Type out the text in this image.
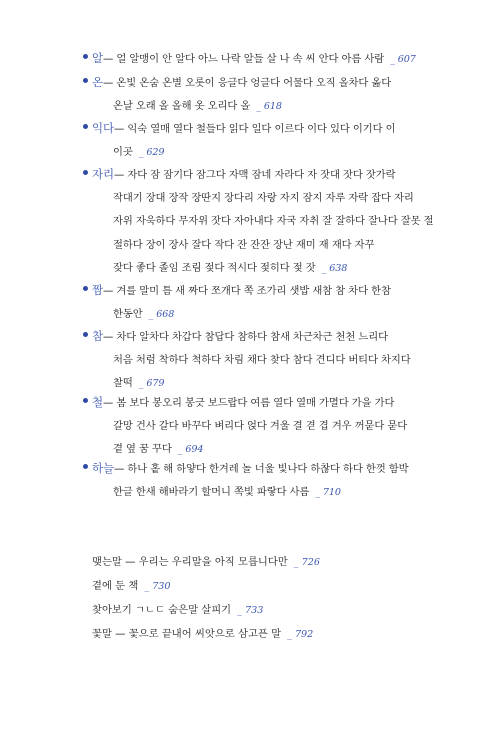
알— 얼 알맹이 안 알다 아느 나락 알들 살 나 속 씨 안다 아름 사람 _ 607
온— 온빛 온숨 온별 오롯이 응글다 엉글다 어물다 오직 올차다 옮다
온날 오래 올 올해 옷 오리다 올 _ 618
익다— 익숙 열매 열다 철들다 읽다 일다 이르다 이다 있다 이기다 이
이곳 _ 629
자리— 자다 잠 잠기다 잠그다 자맥 잠네 자라다 자 잣대 잣다 잣가락
작대기 장대 장작 장딴지 장다리 자랑 자지 잠지 자루 자락 잡다 자리
자위 자욱하다 무자위 잣다 자아내다 자국 자취 잘 잘하다 잘나다 잘못 절
절하다 장이 장사 잘다 작다 잔 잔잔 장난 재미 재 재다 자꾸
잦다 좋다 졸임 조림 젖다 적시다 젖히다 젖 잣 _ 638
짬— 겨를 말미 틈 새 짜다 쪼개다 쪽 조가리 샛밥 새참 참 차다 한참
한동안 _ 668
참— 차다 알차다 차갑다 참답다 참하다 참새 차근차근 천천 느리다
처음 처럼 착하다 척하다 차림 채다 찾다 참다 견디다 버티다 차지다
찰떡 _ 679
철— 봄 보다 봉오리 봉긋 보드랍다 여름 열다 열매 가멸다 가을 가다
갈망 건사 갈다 바꾸다 벼리다 얹다 겨울 결 겯 겹 겨우 꺼묻다 묻다
곁 옆 꿈 꾸다 _ 694
하늘— 하나 홑 해 하얗다 한겨레 놀 너울 빛나다 하찮다 하다 한껏 함박
한글 한새 해바라기 할머니 쪽빛 파랗다 사름 _ 710
맺는말 — 우리는 우리말을 아직 모릅니다만 _ 726
곁에 둔 책 _ 730
찾아보기 ㄱㄴㄷ 숨은말 살피기 _ 733
꽃말 — 꽃으로 끝내어 씨앗으로 삼고픈 말 _ 792
